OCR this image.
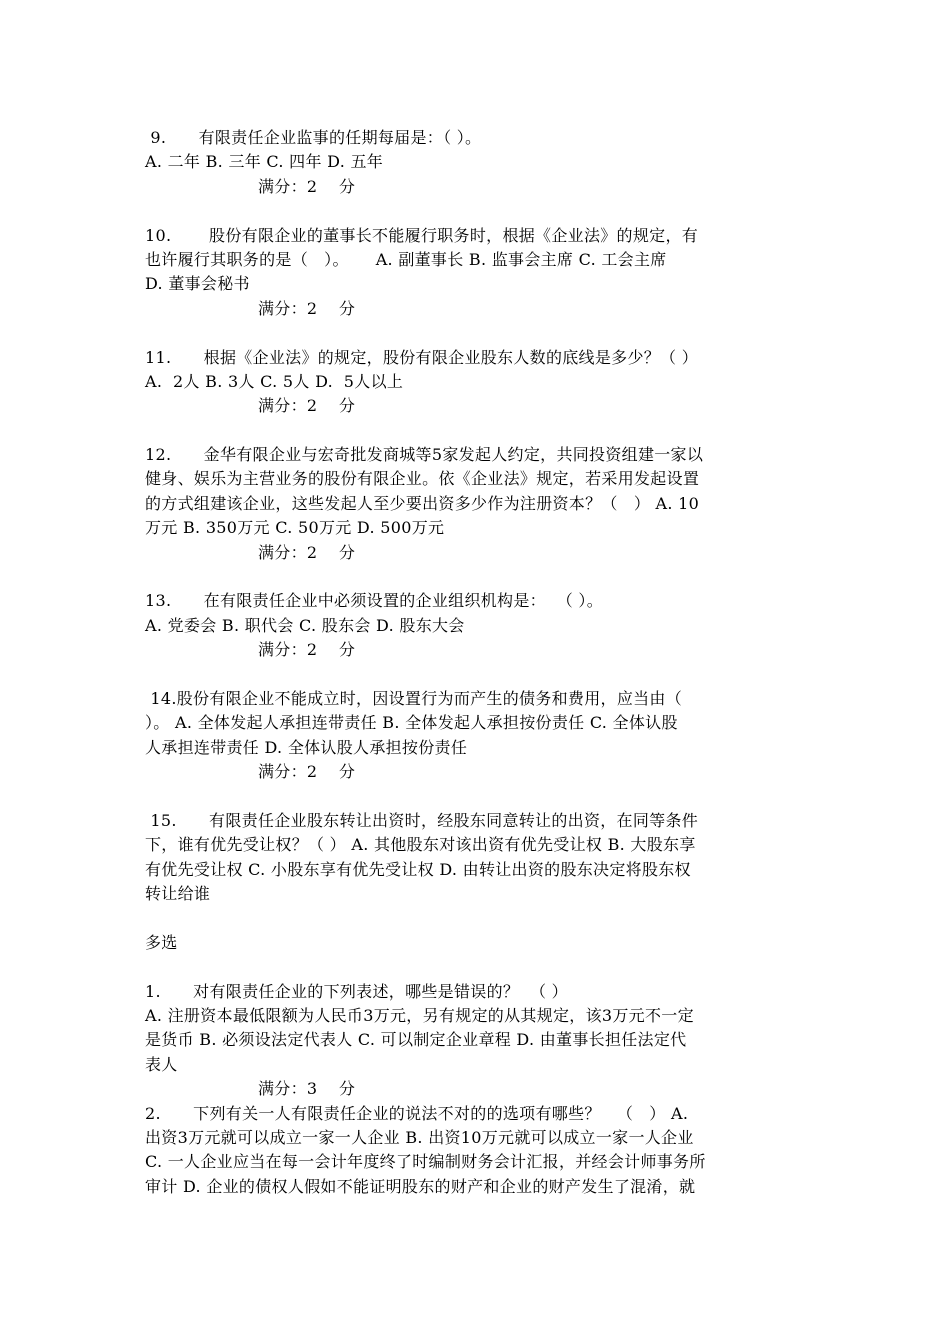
9.      有限责任企业监事的任期每届是：（ ）。
A. 二年 B. 三年 C. 四年 D. 五年
满分：2    分
10.       股份有限企业的董事长不能履行职务时，根据《企业法》的规定，有
也许履行其职务的是（   ）。     A. 副董事长 B. 监事会主席 C. 工会主席
D. 董事会秘书
满分：2    分
11.      根据《企业法》的规定，股份有限企业股东人数的底线是多少？（ ）
A.  2人 B. 3人 C. 5人 D.  5人以上
满分：2    分
12.      金华有限企业与宏奇批发商城等5家发起人约定，共同投资组建一家以
健身、娱乐为主营业务的股份有限企业。依《企业法》规定，若采用发起设置
的方式组建该企业，这些发起人至少要出资多少作为注册资本？（   ） A. 10
万元 B. 350万元 C. 50万元 D. 500万元
满分：2    分
13.      在有限责任企业中必须设置的企业组织机构是：  （ ）。
A. 党委会 B. 职代会 C. 股东会 D. 股东大会
满分：2    分
14.股份有限企业不能成立时，因设置行为而产生的债务和费用，应当由（
）。 A. 全体发起人承担连带责任 B. 全体发起人承担按份责任 C. 全体认股
人承担连带责任 D. 全体认股人承担按份责任
满分：2    分
15.      有限责任企业股东转让出资时，经股东同意转让的出资，在同等条件
下，谁有优先受让权？（ ） A. 其他股东对该出资有优先受让权 B. 大股东享
有优先受让权 C. 小股东享有优先受让权 D. 由转让出资的股东决定将股东权
转让给谁
多选
1.      对有限责任企业的下列表述，哪些是错误的？  （ ）
A. 注册资本最低限额为人民币3万元，另有规定的从其规定，该3万元不一定
是货币 B. 必须设法定代表人 C. 可以制定企业章程 D. 由董事长担任法定代
表人
满分：3    分
2.      下列有关一人有限责任企业的说法不对的的选项有哪些？   （   ） A.
出资3万元就可以成立一家一人企业 B. 出资10万元就可以成立一家一人企业
C. 一人企业应当在每一会计年度终了时编制财务会计汇报，并经会计师事务所
审计 D. 企业的债权人假如不能证明股东的财产和企业的财产发生了混淆，就
